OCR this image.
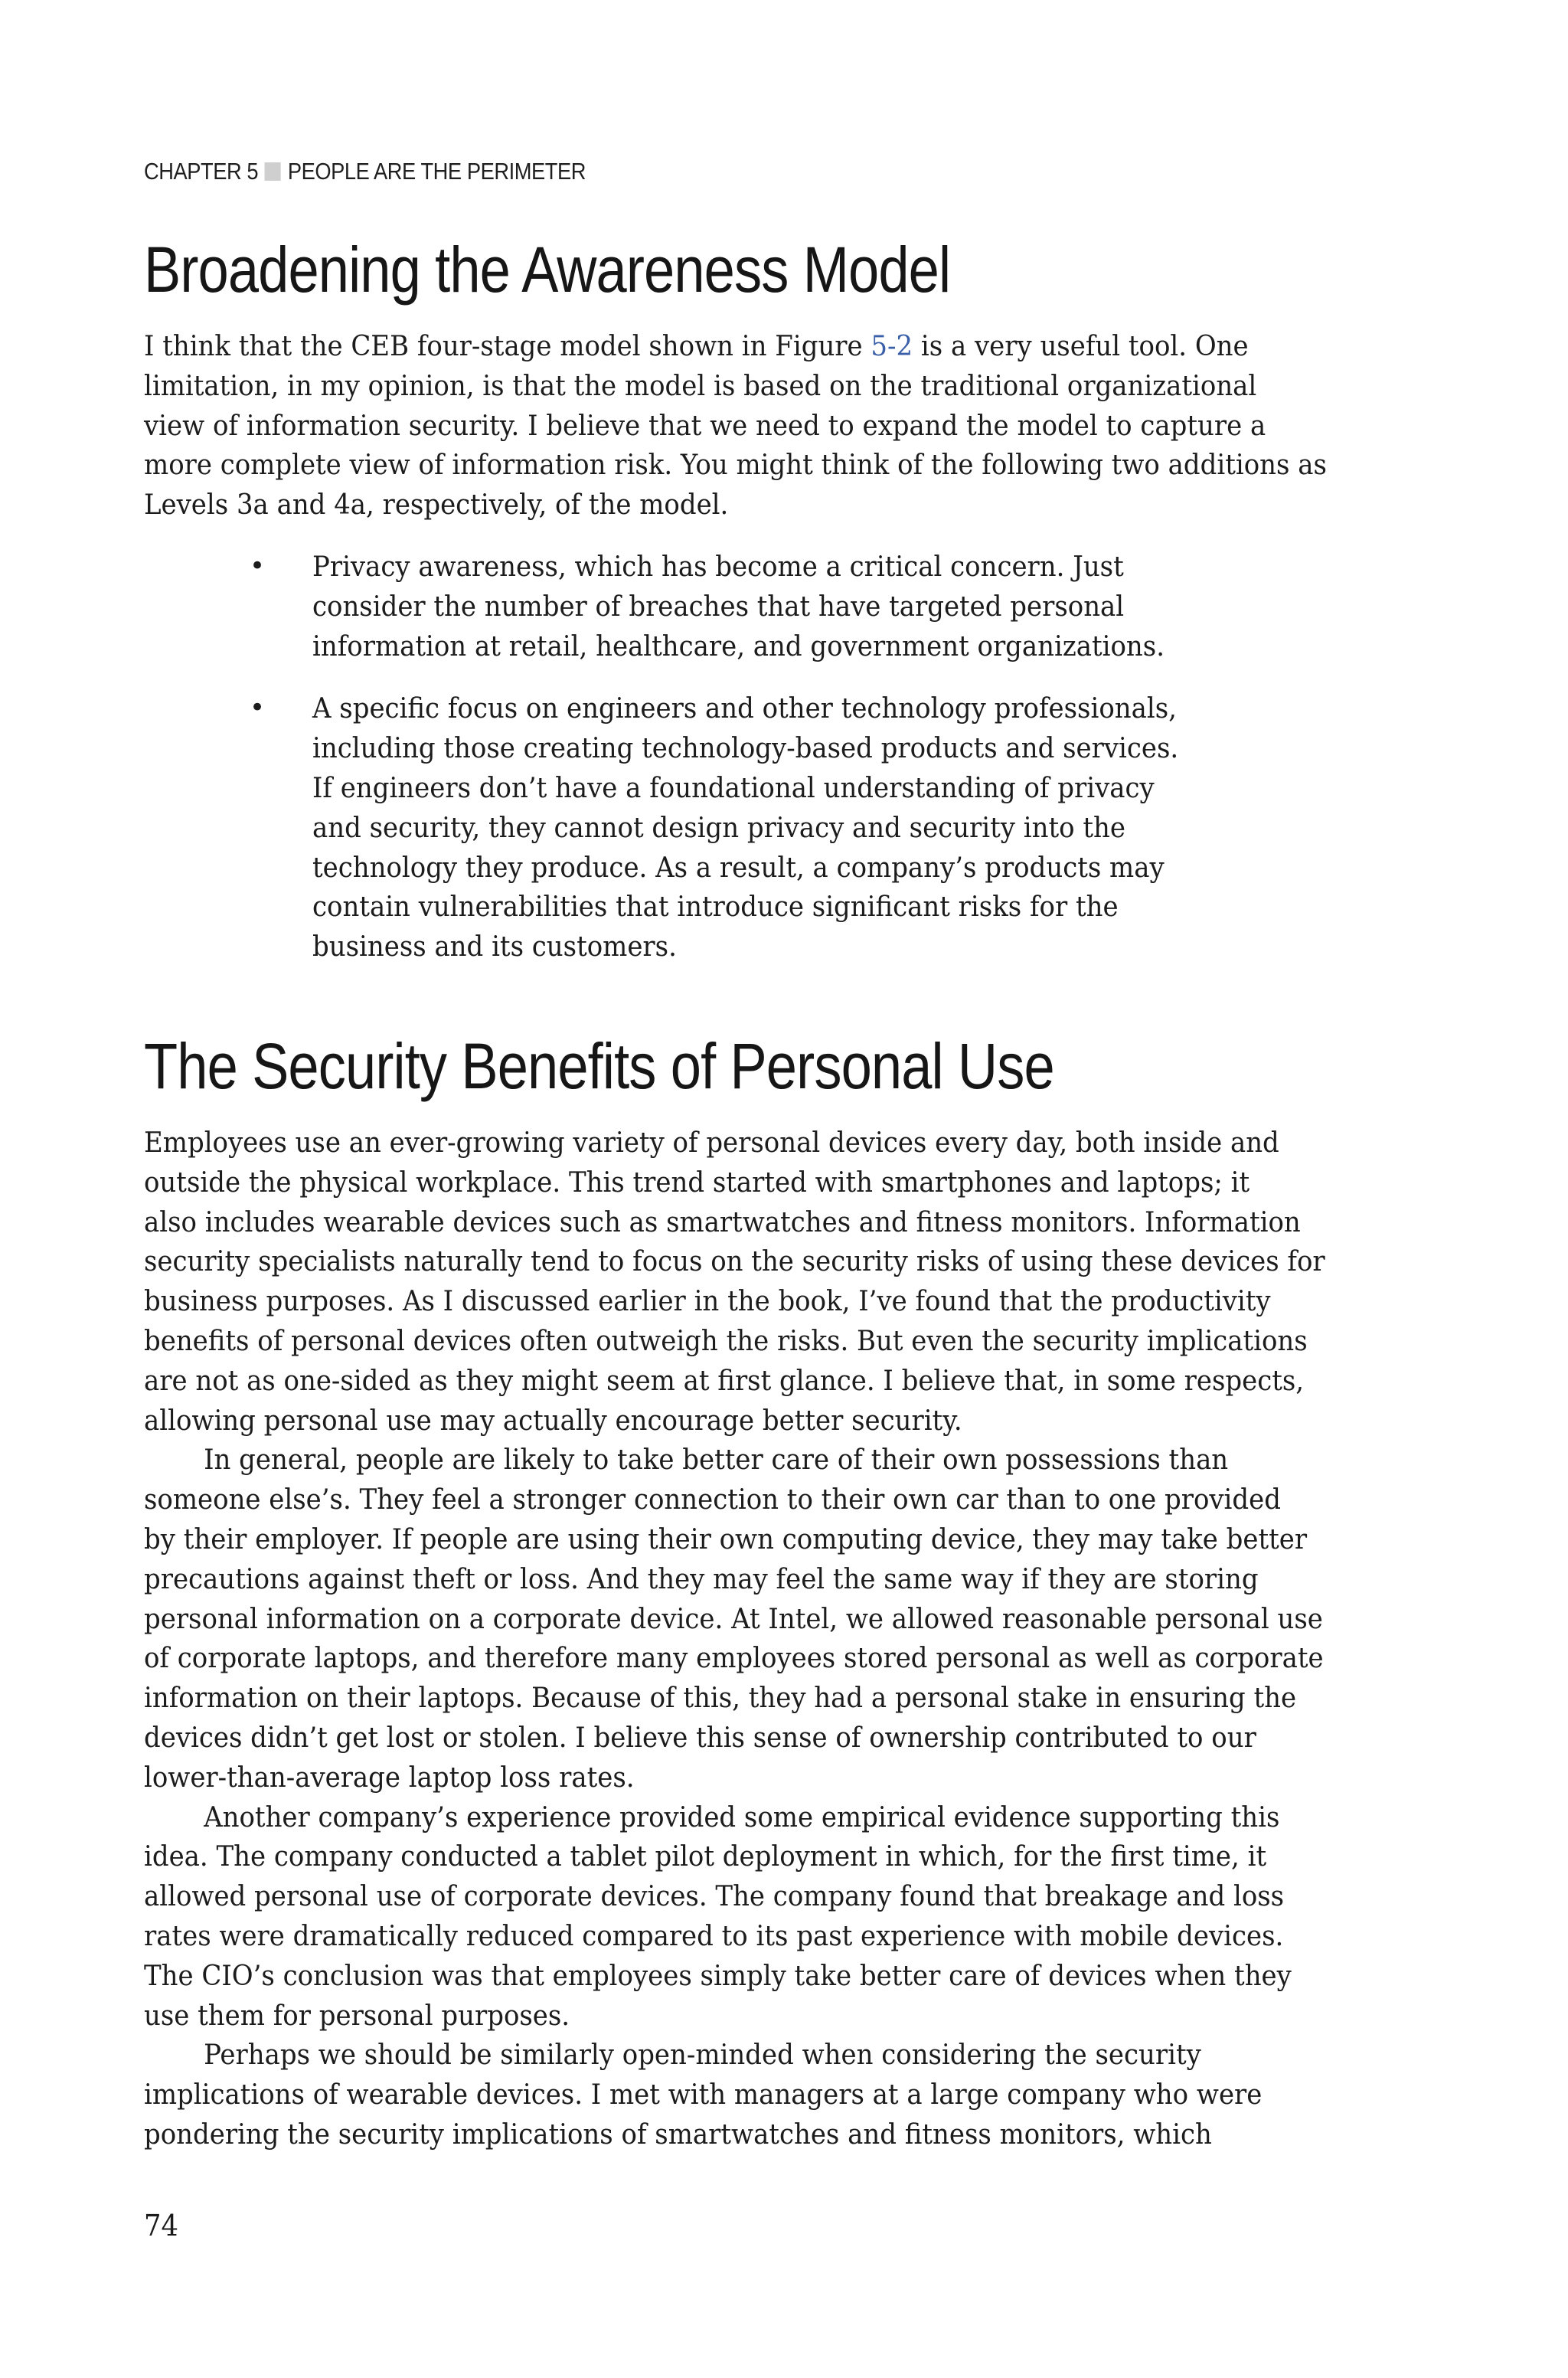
CHAPTER 5 PEOPLE ARE THE PERIMETER
Broadening the Awareness Model
I think that the CEB four-stage model shown in Figure 5-2 is a very useful tool. One
limitation, in my opinion, is that the model is based on the traditional organizational
view of information security. I believe that we need to expand the model to capture a
more complete view of information risk. You might think of the following two additions as
Levels 3a and 4a, respectively, of the model.
• Privacy awareness, which has become a critical concern. Just
consider the number of breaches that have targeted personal
information at retail, healthcare, and government organizations.
• A specific focus on engineers and other technology professionals,
including those creating technology-based products and services.
If engineers don’t have a foundational understanding of privacy
and security, they cannot design privacy and security into the
technology they produce. As a result, a company’s products may
contain vulnerabilities that introduce significant risks for the
business and its customers.
The Security Benefits of Personal Use
Employees use an ever-growing variety of personal devices every day, both inside and
outside the physical workplace. This trend started with smartphones and laptops; it
also includes wearable devices such as smartwatches and fitness monitors. Information
security specialists naturally tend to focus on the security risks of using these devices for
business purposes. As I discussed earlier in the book, I’ve found that the productivity
benefits of personal devices often outweigh the risks. But even the security implications
are not as one-sided as they might seem at first glance. I believe that, in some respects,
allowing personal use may actually encourage better security.
In general, people are likely to take better care of their own possessions than
someone else’s. They feel a stronger connection to their own car than to one provided
by their employer. If people are using their own computing device, they may take better
precautions against theft or loss. And they may feel the same way if they are storing
personal information on a corporate device. At Intel, we allowed reasonable personal use
of corporate laptops, and therefore many employees stored personal as well as corporate
information on their laptops. Because of this, they had a personal stake in ensuring the
devices didn’t get lost or stolen. I believe this sense of ownership contributed to our
lower-than-average laptop loss rates.
Another company’s experience provided some empirical evidence supporting this
idea. The company conducted a tablet pilot deployment in which, for the first time, it
allowed personal use of corporate devices. The company found that breakage and loss
rates were dramatically reduced compared to its past experience with mobile devices.
The CIO’s conclusion was that employees simply take better care of devices when they
use them for personal purposes.
Perhaps we should be similarly open-minded when considering the security
implications of wearable devices. I met with managers at a large company who were
pondering the security implications of smartwatches and fitness monitors, which
74
